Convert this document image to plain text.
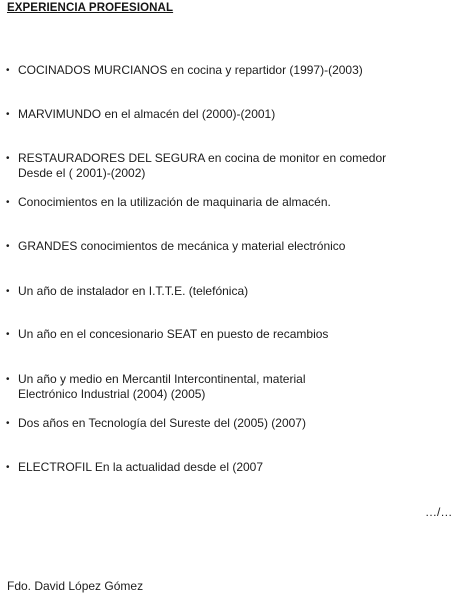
EXPERIENCIA PROFESIONAL
• COCINADOS MURCIANOS en cocina y repartidor (1997)-(2003)
• MARVIMUNDO en el almacén del (2000)-(2001)
• RESTAURADORES DEL SEGURA en cocina de monitor en comedor
Desde el ( 2001)-(2002)
• Conocimientos en la utilización de maquinaria de almacén.
• GRANDES conocimientos de mecánica y material electrónico
• Un año de instalador en I.T.T.E. (telefónica)
• Un año en el concesionario SEAT en puesto de recambios
• Un año y medio en Mercantil Intercontinental, material
Electrónico Industrial (2004) (2005)
• Dos años en Tecnología del Sureste del (2005) (2007)
• ELECTROFIL En la actualidad desde el (2007
…/…
Fdo. David López Gómez
